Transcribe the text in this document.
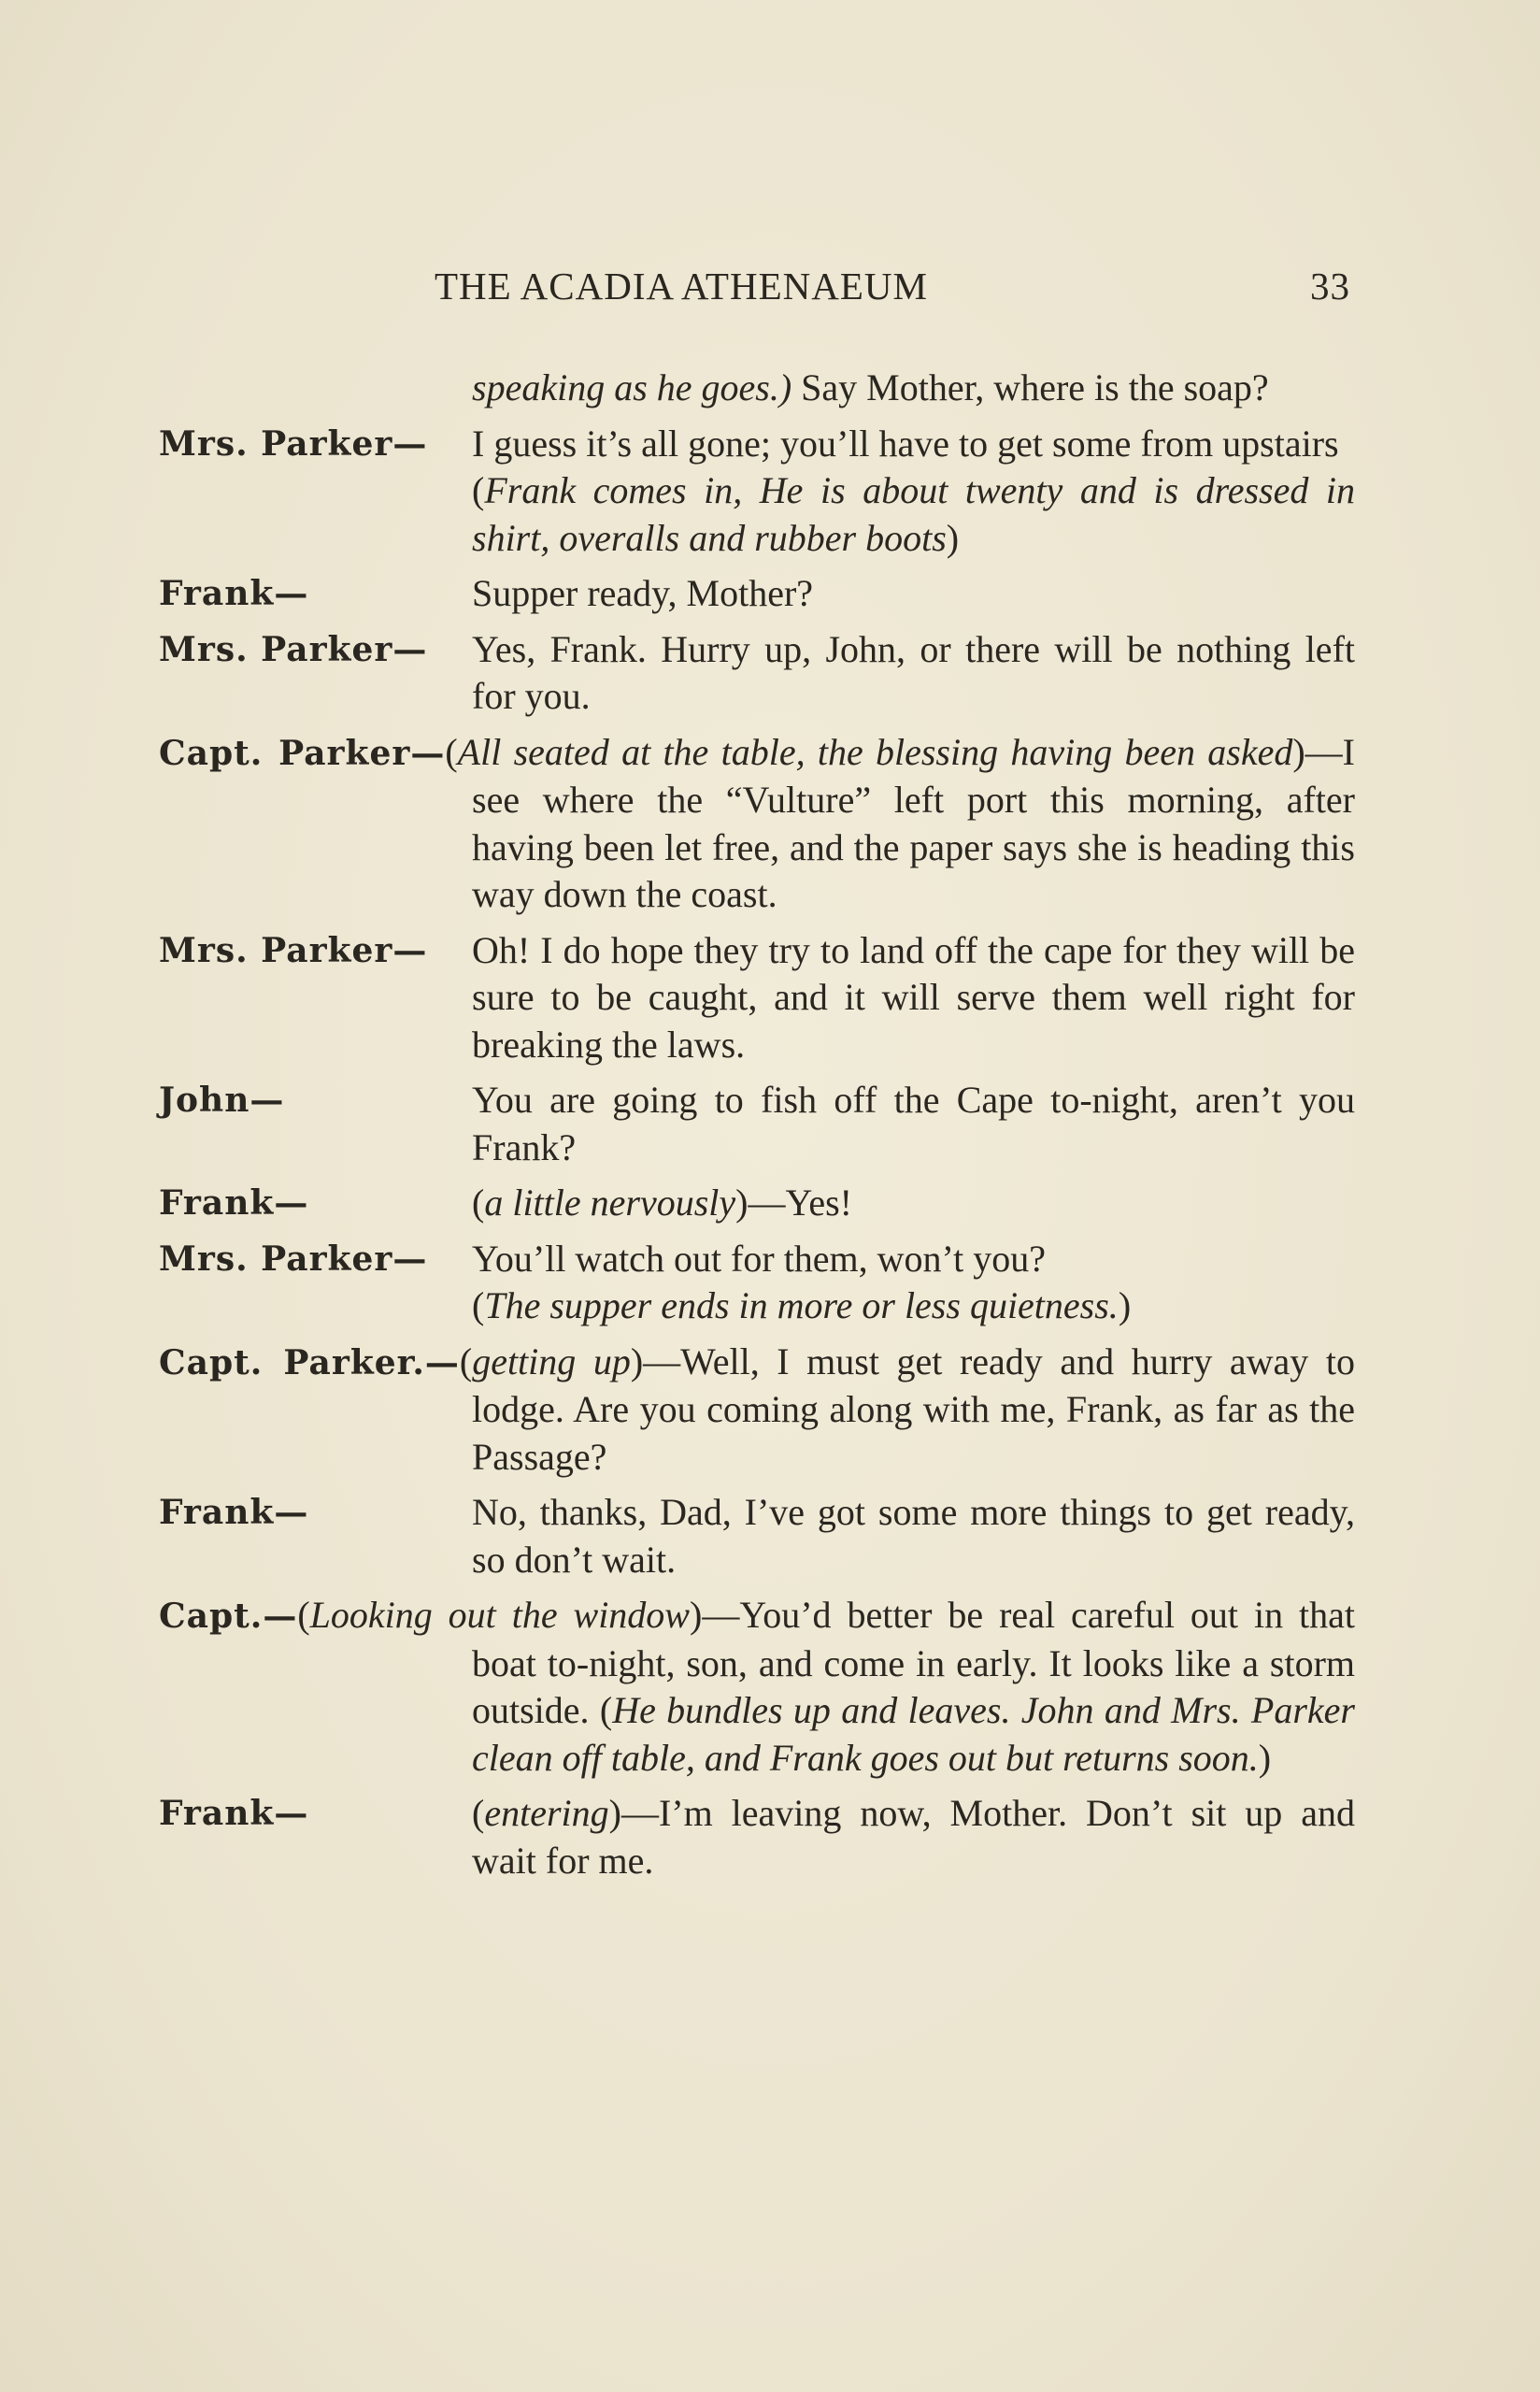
THE ACADIA ATHENAEUM	33
speaking as he goes.) Say Mother, where is the soap?
Mrs. Parker—	I guess it’s all gone; you’ll have to get some from upstairs
(Frank comes in, He is about twenty and is dressed in shirt, overalls and rubber boots)
Frank—	Supper ready, Mother?
Mrs. Parker—	Yes, Frank. Hurry up, John, or there will be nothing left for you.
Capt. Parker—(All seated at the table, the blessing having been asked)—I see where the “Vulture” left port this morning, after having been let free, and the paper says she is heading this way down the coast.
Mrs. Parker—	Oh! I do hope they try to land off the cape for they will be sure to be caught, and it will serve them well right for breaking the laws.
John—	You are going to fish off the Cape to-night, aren’t you Frank?
Frank—	(a little nervously)—Yes!
Mrs. Parker—	You’ll watch out for them, won’t you?
(The supper ends in more or less quietness.)
Capt. Parker.—(getting up)—Well, I must get ready and hurry away to lodge. Are you coming along with me, Frank, as far as the Passage?
Frank—	No, thanks, Dad, I’ve got some more things to get ready, so don’t wait.
Capt.—(Looking out the window)—You’d better be real careful out in that boat to-night, son, and come in early. It looks like a storm outside. (He bundles up and leaves. John and Mrs. Parker clean off table, and Frank goes out but returns soon.)
Frank—	(entering)—I’m leaving now, Mother. Don’t sit up and wait for me.
